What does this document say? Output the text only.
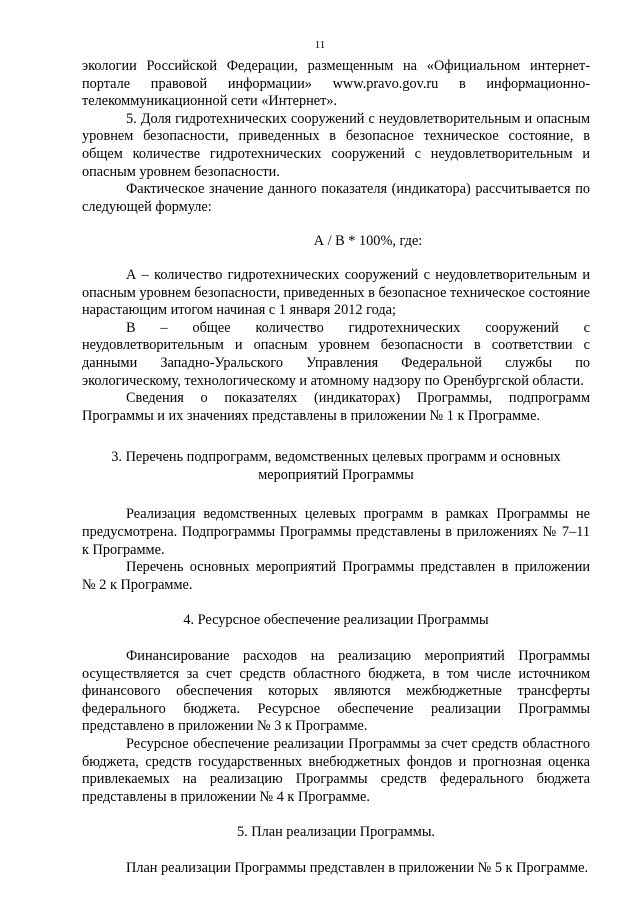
11

экологии Российской Федерации, размещенным на «Официальном интернет-портале правовой информации» www.pravo.gov.ru в информационно-телекоммуникационной сети «Интернет».

5. Доля гидротехнических сооружений с неудовлетворительным и опасным уровнем безопасности, приведенных в безопасное техническое состояние, в общем количестве гидротехнических сооружений с неудовлетворительным и опасным уровнем безопасности.

Фактическое значение данного показателя (индикатора) рассчитывается по следующей формуле:

А / В * 100%, где:

А – количество гидротехнических сооружений с неудовлетворительным и опасным уровнем безопасности, приведенных в безопасное техническое состояние нарастающим итогом начиная с 1 января 2012 года;

В – общее количество гидротехнических сооружений с неудовлетворительным и опасным уровнем безопасности в соответствии с данными Западно-Уральского Управления Федеральной службы по экологическому, технологическому и атомному надзору по Оренбургской области.

Сведения о показателях (индикаторах) Программы, подпрограмм Программы и их значениях представлены в приложении № 1 к Программе.

3. Перечень подпрограмм, ведомственных целевых программ и основных мероприятий Программы

Реализация ведомственных целевых программ в рамках Программы не предусмотрена. Подпрограммы Программы представлены в приложениях № 7–11 к Программе.

Перечень основных мероприятий Программы представлен в приложении № 2 к Программе.

4. Ресурсное обеспечение реализации Программы

Финансирование расходов на реализацию мероприятий Программы осуществляется за счет средств областного бюджета, в том числе источником финансового обеспечения которых являются межбюджетные трансферты федерального бюджета. Ресурсное обеспечение реализации Программы представлено в приложении № 3 к Программе.

Ресурсное обеспечение реализации Программы за счет средств областного бюджета, средств государственных внебюджетных фондов и прогнозная оценка привлекаемых на реализацию Программы средств федерального бюджета представлены в приложении № 4 к Программе.

5. План реализации Программы.

План реализации Программы представлен в приложении № 5 к Программе.
